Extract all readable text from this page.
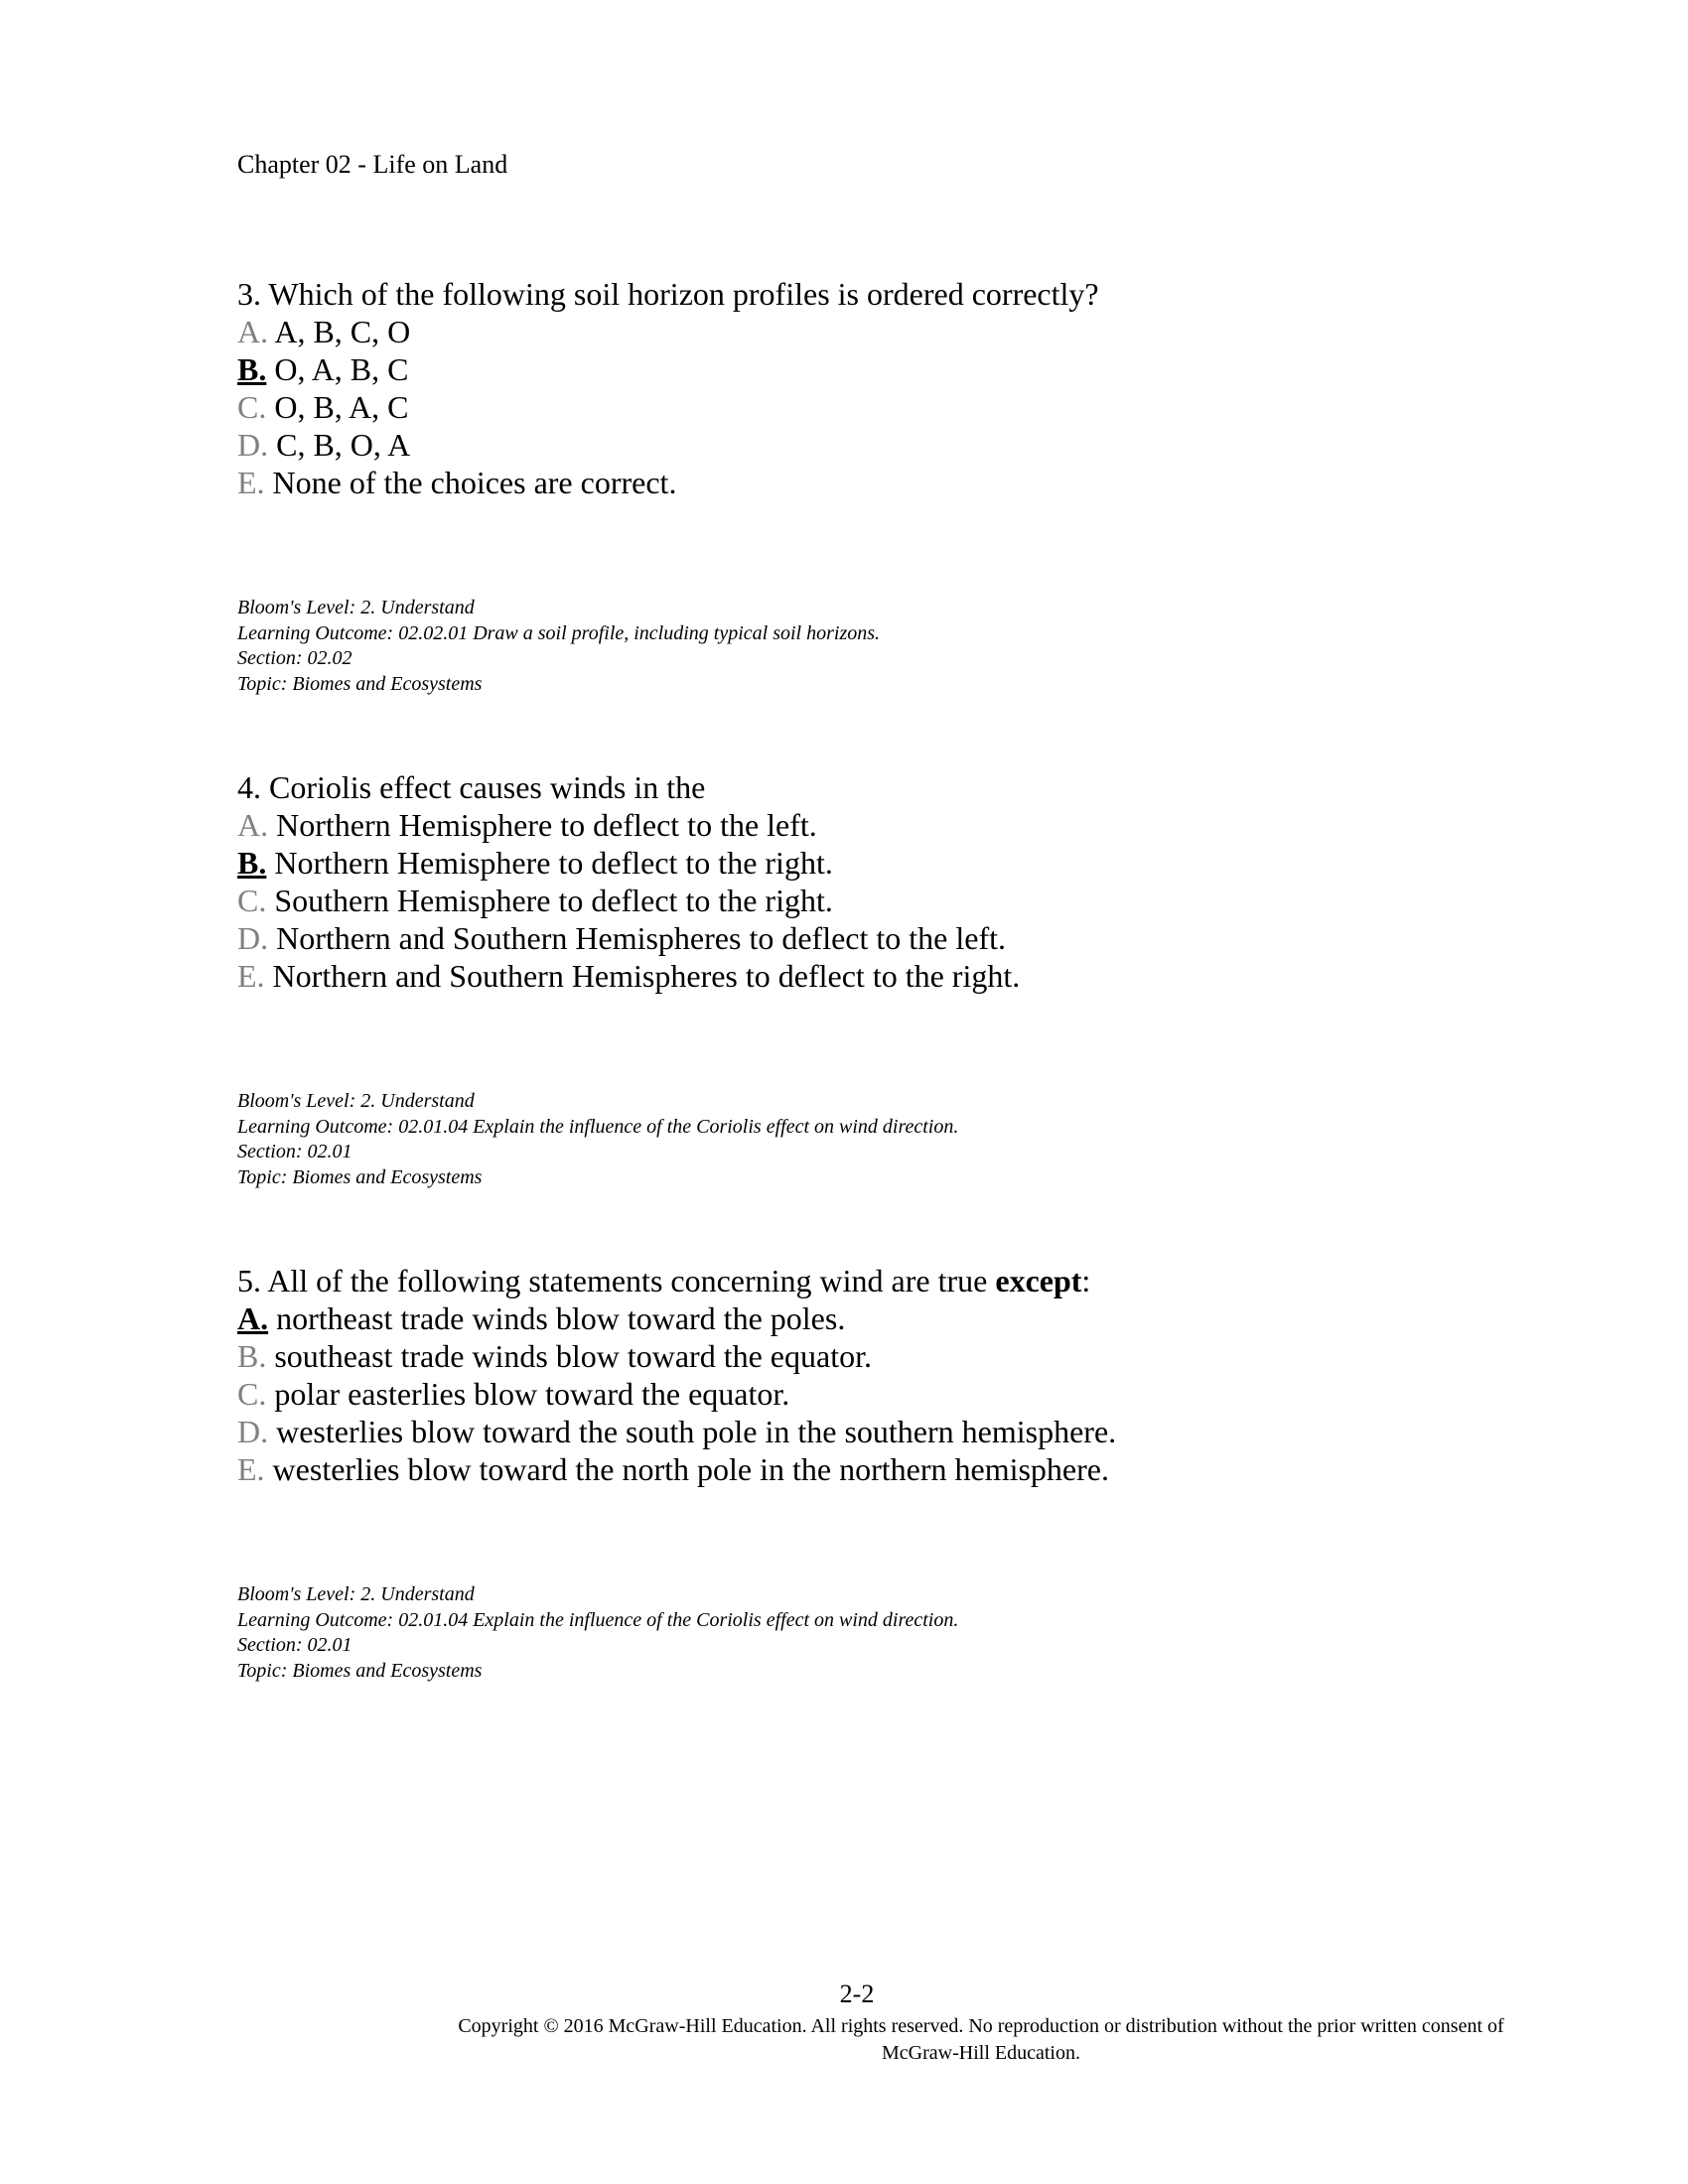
Chapter 02 - Life on Land
3. Which of the following soil horizon profiles is ordered correctly?
A. A, B, C, O
B. O, A, B, C
C. O, B, A, C
D. C, B, O, A
E. None of the choices are correct.
Bloom's Level: 2. Understand
Learning Outcome: 02.02.01 Draw a soil profile, including typical soil horizons.
Section: 02.02
Topic: Biomes and Ecosystems
4. Coriolis effect causes winds in the
A. Northern Hemisphere to deflect to the left.
B. Northern Hemisphere to deflect to the right.
C. Southern Hemisphere to deflect to the right.
D. Northern and Southern Hemispheres to deflect to the left.
E. Northern and Southern Hemispheres to deflect to the right.
Bloom's Level: 2. Understand
Learning Outcome: 02.01.04 Explain the influence of the Coriolis effect on wind direction.
Section: 02.01
Topic: Biomes and Ecosystems
5. All of the following statements concerning wind are true except:
A. northeast trade winds blow toward the poles.
B. southeast trade winds blow toward the equator.
C. polar easterlies blow toward the equator.
D. westerlies blow toward the south pole in the southern hemisphere.
E. westerlies blow toward the north pole in the northern hemisphere.
Bloom's Level: 2. Understand
Learning Outcome: 02.01.04 Explain the influence of the Coriolis effect on wind direction.
Section: 02.01
Topic: Biomes and Ecosystems
2-2
Copyright © 2016 McGraw-Hill Education. All rights reserved. No reproduction or distribution without the prior written consent of
McGraw-Hill Education.
